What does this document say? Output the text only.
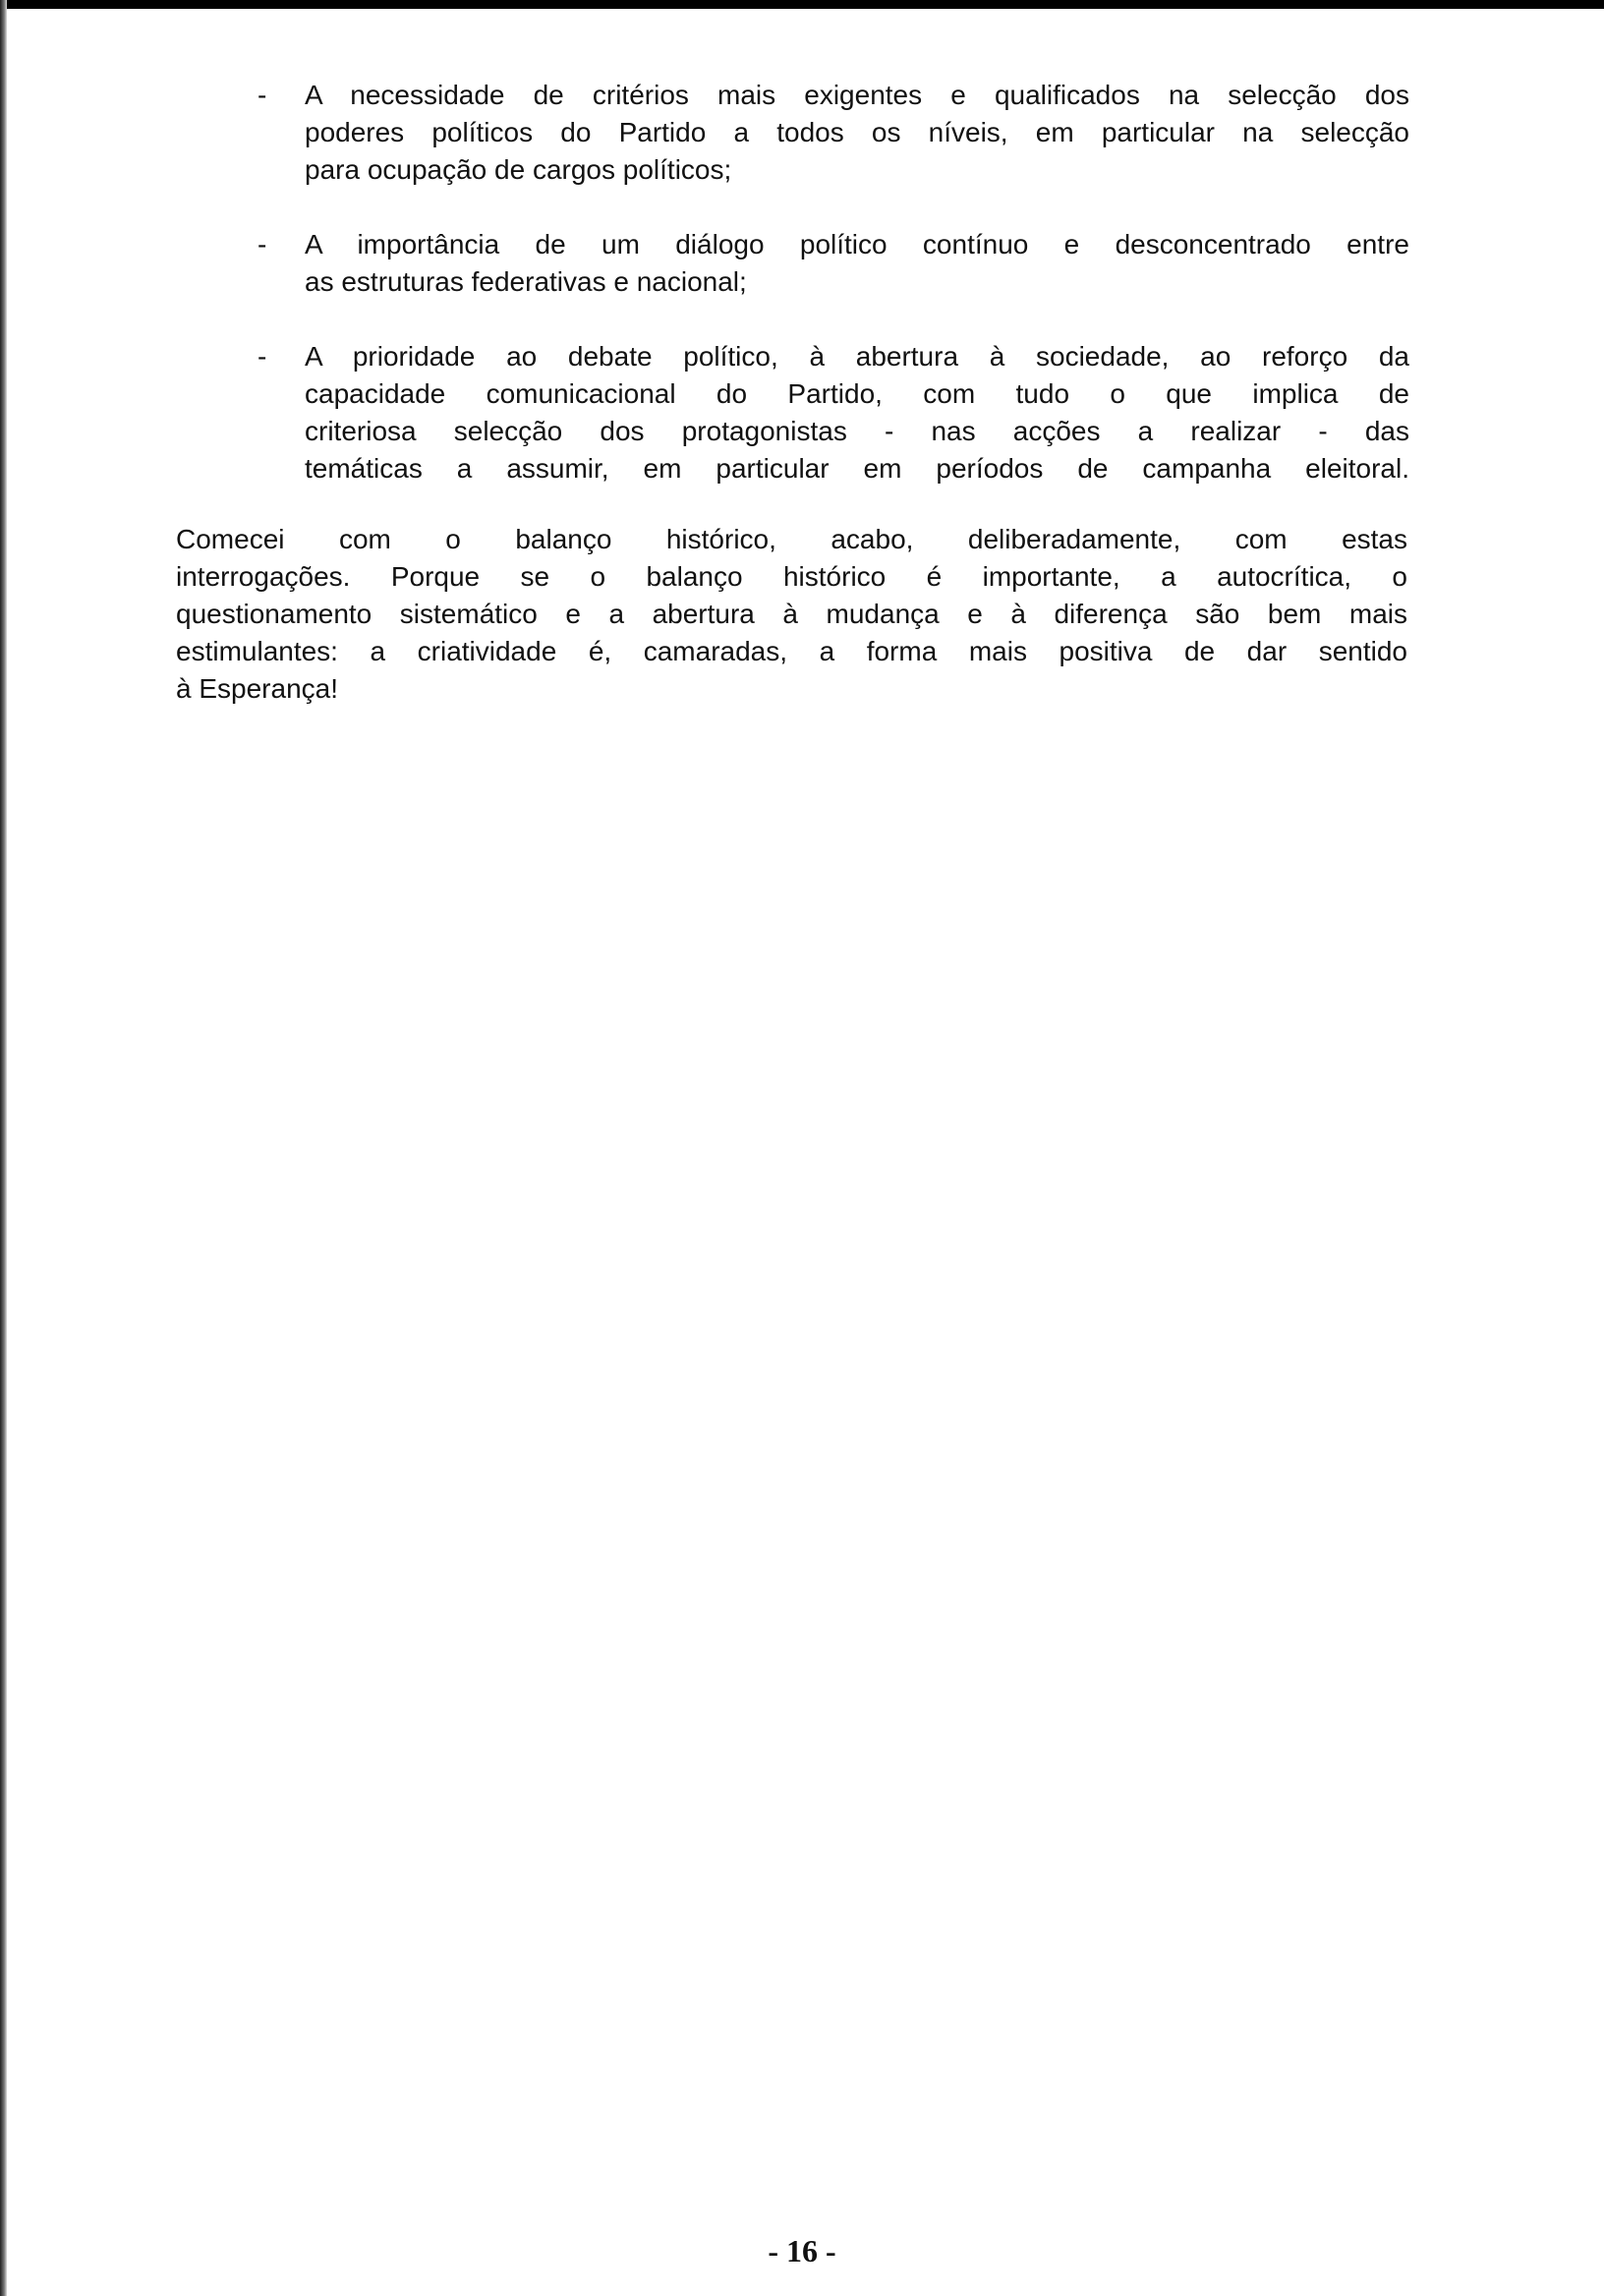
- A necessidade de critérios mais exigentes e qualificados na selecção dos
poderes políticos do Partido a todos os níveis, em particular na selecção
para ocupação de cargos políticos;
- A importância de um diálogo político contínuo e desconcentrado entre
as estruturas federativas e nacional;
- A prioridade ao debate político, à abertura à sociedade, ao reforço da
capacidade comunicacional do Partido, com tudo o que implica de
criteriosa selecção dos protagonistas - nas acções a realizar - das
temáticas a assumir, em particular em períodos de campanha eleitoral.
Comecei com o balanço histórico, acabo, deliberadamente, com estas
interrogações. Porque se o balanço histórico é importante, a autocrítica, o
questionamento sistemático e a abertura à mudança e à diferença são bem mais
estimulantes: a criatividade é, camaradas, a forma mais positiva de dar sentido
à Esperança!
- 16 -
